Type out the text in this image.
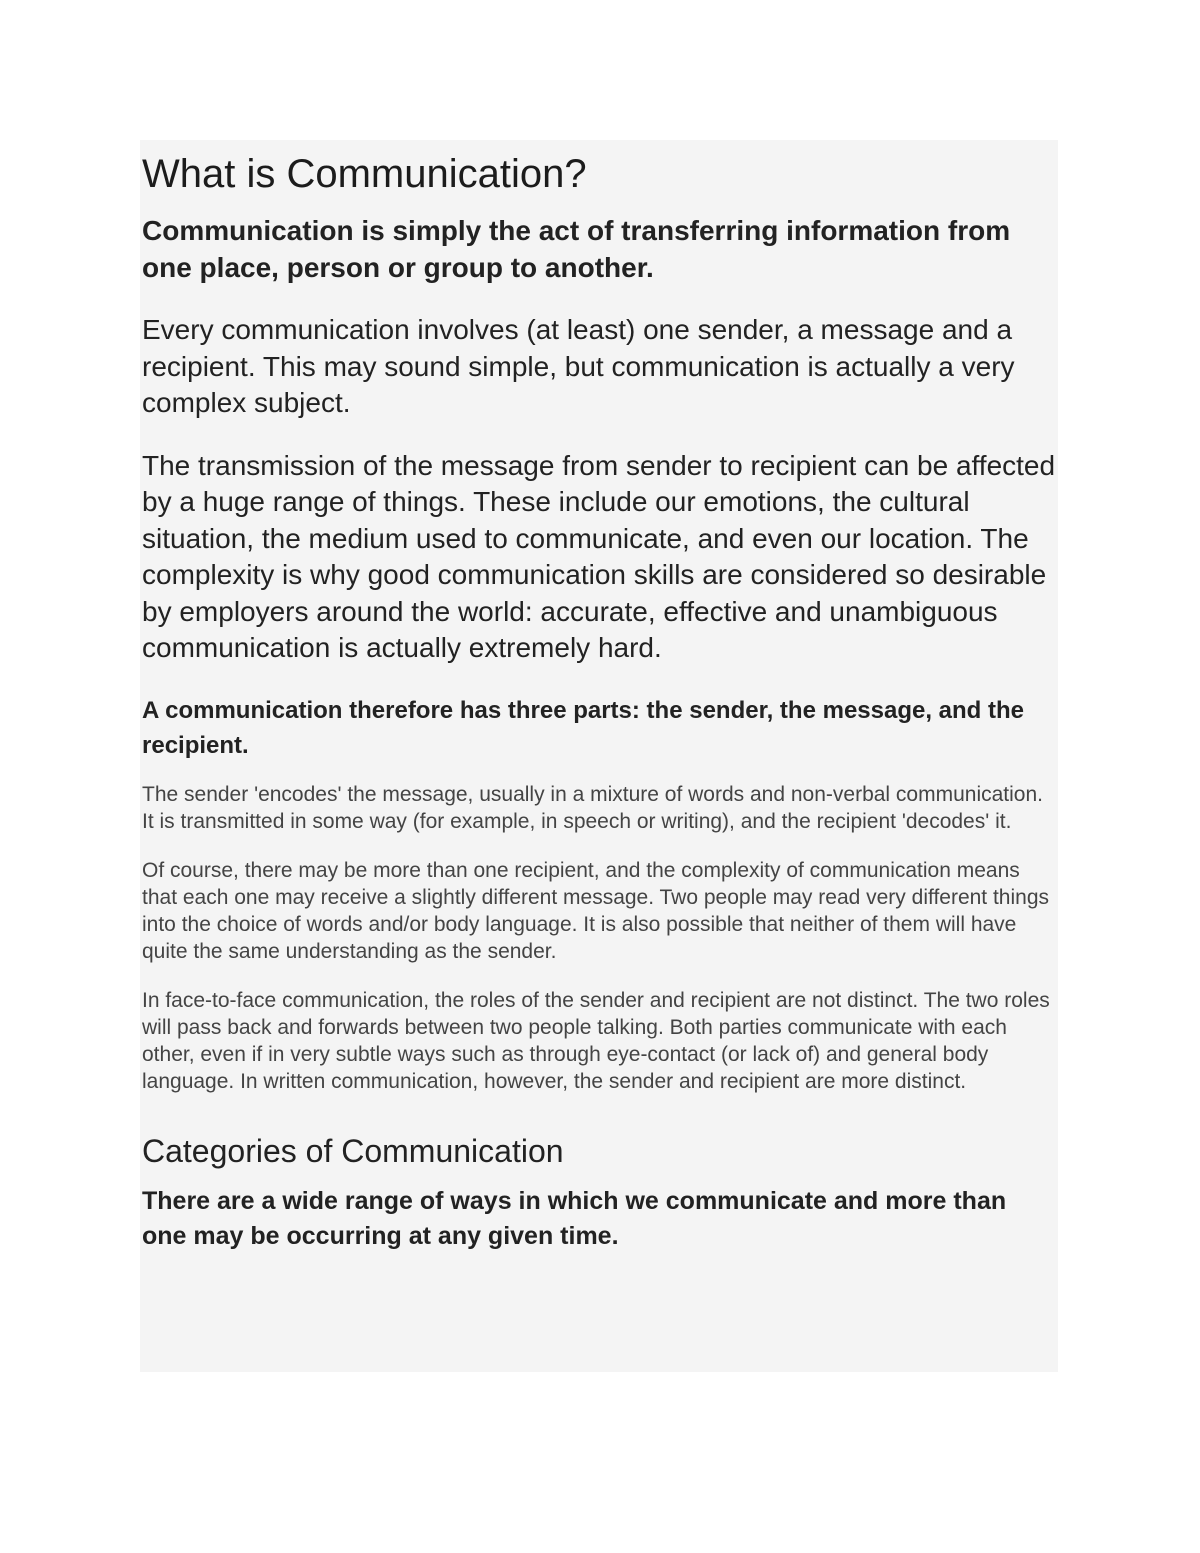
What is Communication?

Communication is simply the act of transferring information from one place, person or group to another.

Every communication involves (at least) one sender, a message and a recipient. This may sound simple, but communication is actually a very complex subject.

The transmission of the message from sender to recipient can be affected by a huge range of things. These include our emotions, the cultural situation, the medium used to communicate, and even our location. The complexity is why good communication skills are considered so desirable by employers around the world: accurate, effective and unambiguous communication is actually extremely hard.

A communication therefore has three parts: the sender, the message, and the recipient.

The sender 'encodes' the message, usually in a mixture of words and non-verbal communication. It is transmitted in some way (for example, in speech or writing), and the recipient 'decodes' it.

Of course, there may be more than one recipient, and the complexity of communication means that each one may receive a slightly different message. Two people may read very different things into the choice of words and/or body language. It is also possible that neither of them will have quite the same understanding as the sender.

In face-to-face communication, the roles of the sender and recipient are not distinct. The two roles will pass back and forwards between two people talking. Both parties communicate with each other, even if in very subtle ways such as through eye-contact (or lack of) and general body language. In written communication, however, the sender and recipient are more distinct.

Categories of Communication

There are a wide range of ways in which we communicate and more than one may be occurring at any given time.
